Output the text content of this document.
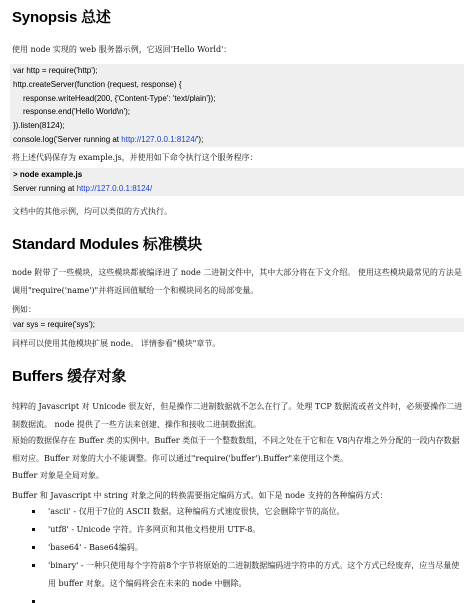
Synopsis 总述
使用 node 实现的 web 服务器示例，它返回'Hello World'：
var http = require('http');
http.createServer(function (request, response) {
response.writeHead(200, {'Content-Type': 'text/plain'});
response.end('Hello World\n');
}).listen(8124);
console.log('Server running at http://127.0.0.1:8124/');
将上述代码保存为 example.js，并使用如下命令执行这个服务程序：
> node example.js
Server running at http://127.0.0.1:8124/
文档中的其他示例，均可以类似的方式执行。
Standard Modules 标准模块
node 附带了一些模块，这些模块都被编译进了 node 二进制文件中，其中大部分将在下文介绍。 使用这些模块最常见的方法是调用"require('name')"并将返回值赋给一个和模块同名的局部变量。
例如：
var sys = require('sys');
同样可以使用其他模块扩展 node。 详情参看"模块"章节。
Buffers 缓存对象
纯粹的 Javascript 对 Unicode 很友好，但是操作二进制数据就不怎么在行了。处理 TCP 数据流或者文件时，必须要操作二进制数据流。 node 提供了一些方法来创建、操作和接收二进制数据流。
原始的数据保存在 Buffer 类的实例中。Buffer 类似于一个整数数组，不同之处在于它和在 V8内存堆之外分配的一段内存数据相对应。Buffer 对象的大小不能调整。你可以通过"require('buffer').Buffer"来使用这个类。
Buffer 对象是全局对象。
Buffer 和 Javascript 中 string 对象之间的转换需要指定编码方式。如下是 node 支持的各种编码方式：
'ascii' - 仅用于7位的 ASCII 数据。这种编码方式速度很快，它会删除字节的高位。
'utf8' - Unicode 字符。许多网页和其他文档使用 UTF-8。
'base64' - Base64编码。
'binary' - 一种只使用每个字符前8个字节将原始的二进制数据编码进字符串的方式。这个方式已经废弃，应当尽量使用 buffer 对象。这个编码将会在未来的 node 中删除。
